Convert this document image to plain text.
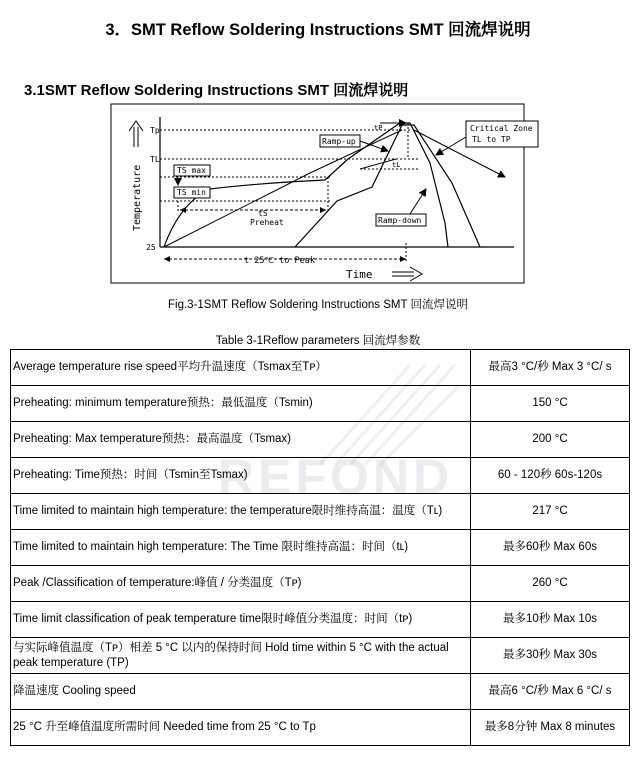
3．SMT Reflow Soldering Instructions SMT 回流焊说明
3.1SMT Reflow Soldering Instructions SMT 回流焊说明
Ramp-up
Ramp-down
Critical Zone
TL to TP
TS max
TS min
Tp
TL
25
tP
tL
tS
Preheat
t 25℃ to Peak
Temperature
Time
Fig.3-1SMT Reflow Soldering Instructions SMT 回流焊说明
Table 3-1Reflow parameters 回流焊参数
REFOND
Average temperature rise speed平均升温速度（Tsmax至Tᴘ）	最高3 °C/秒 Max 3 °C/ s
Preheating: minimum temperature预热：最低温度（Tsmin)	150 °C
Preheating: Max temperature预热：最高温度（Tsmax)	200 °C
Preheating: Time预热：时间（Tsmin至Tsmax)	60 - 120秒 60s-120s
Time limited to maintain high temperature: the temperature限时维持高温：温度（Tʟ)	217 °C
Time limited to maintain high temperature: The Time 限时维持高温：时间（tʟ)	最多60秒 Max 60s
Peak /Classification of temperature:峰值 / 分类温度（Tᴘ)	260 °C
Time limit classification of peak temperature time限时峰值分类温度：时间（tᴘ)	最多10秒 Max 10s
与实际峰值温度（Tᴘ）相差 5 °C 以内的保持时间 Hold time within 5 °C with the actual peak temperature (TP)	最多30秒 Max 30s
降温速度 Cooling speed	最高6 °C/秒 Max 6 °C/ s
25 °C 升至峰值温度所需时间 Needed time from 25 °C to Tp	最多8分钟 Max 8 minutes
